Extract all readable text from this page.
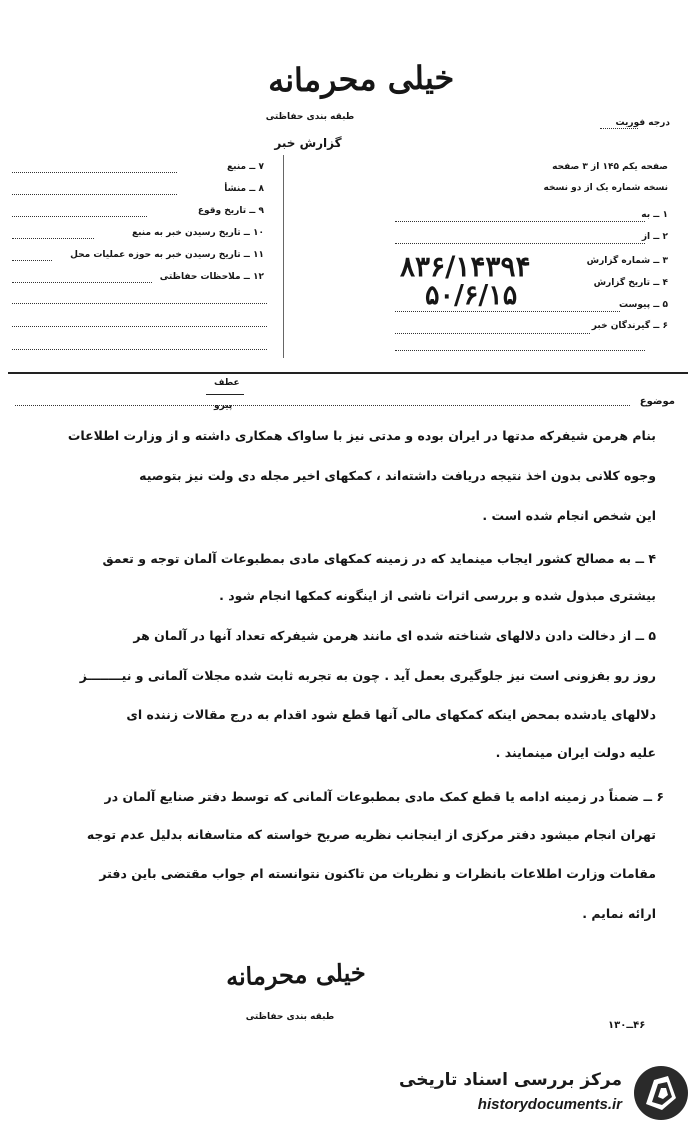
خیلی محرمانه
طبقه بندی حفاظتی
گزارش خبر
درجه فوریت
صفحه یکم ۱۴۵ از ۳ صفحه
نسخه شماره یک از دو نسخه
۱ ــ به
۲ ــ از
۳ ــ شماره گزارش
۴ ــ تاریخ گزارش
۵ ــ پیوست
۶ ــ گیرندگان خبر
۸۳۶/۱۴۳۹۴
۵۰/۶/۱۵
۷ ــ منبع
۸ ــ منشأ
۹ ــ تاریخ وقوع
۱۰ ــ تاریخ رسیدن خبر به منبع
۱۱ ــ تاریخ رسیدن خبر به حوزه عملیات محل
۱۲ ــ ملاحظات حفاظتی
موضوع
عطف
پیرو
بنام هرمن شیفرکه مدتها در ایران بوده و مدتی نیز با ساواک همکاری داشته و از وزارت اطلاعات
وجوه کلانی بدون اخذ نتیجه دریافت داشته‌اند ، کمکهای اخیر مجله دی ولت نیز بتوصیه
این شخص انجام شده است .
۴ ــ به مصالح کشور ایجاب مینماید که در زمینه کمکهای مادی بمطبوعات آلمان توجه و تعمق
بیشتری مبذول شده و بررسی اثرات ناشی از اینگونه کمکها انجام شود .
۵ ــ از دخالت دادن دلالهای شناخته شده ای مانند هرمن شیفرکه تعداد آنها در آلمان هر
روز رو بفزونی است نیز جلوگیری بعمل آید . چون به تجربه ثابت شده مجلات آلمانی و نیــــــــز
دلالهای یادشده بمحض اینکه کمکهای مالی آنها قطع شود اقدام به درج مقالات زننده ای
علیه دولت ایران مینمایند .
۶ ــ ضمناً در زمینه ادامه یا قطع کمک مادی بمطبوعات آلمانی که توسط دفتر صنایع آلمان در
تهران انجام میشود دفتر مرکزی از اینجانب نظریه صریح خواسته که متاسفانه بدلیل عدم توجه
مقامات وزارت اطلاعات بانظرات و نظریات من تاکنون نتوانسته ام جواب مقتضی باین دفتر
ارائه نمایم .
خیلی محرمانه
طبقه بندی حفاظتی
۴۶ــ۱۳۰
مرکز بررسی اسناد تاریخی
historydocuments.ir
